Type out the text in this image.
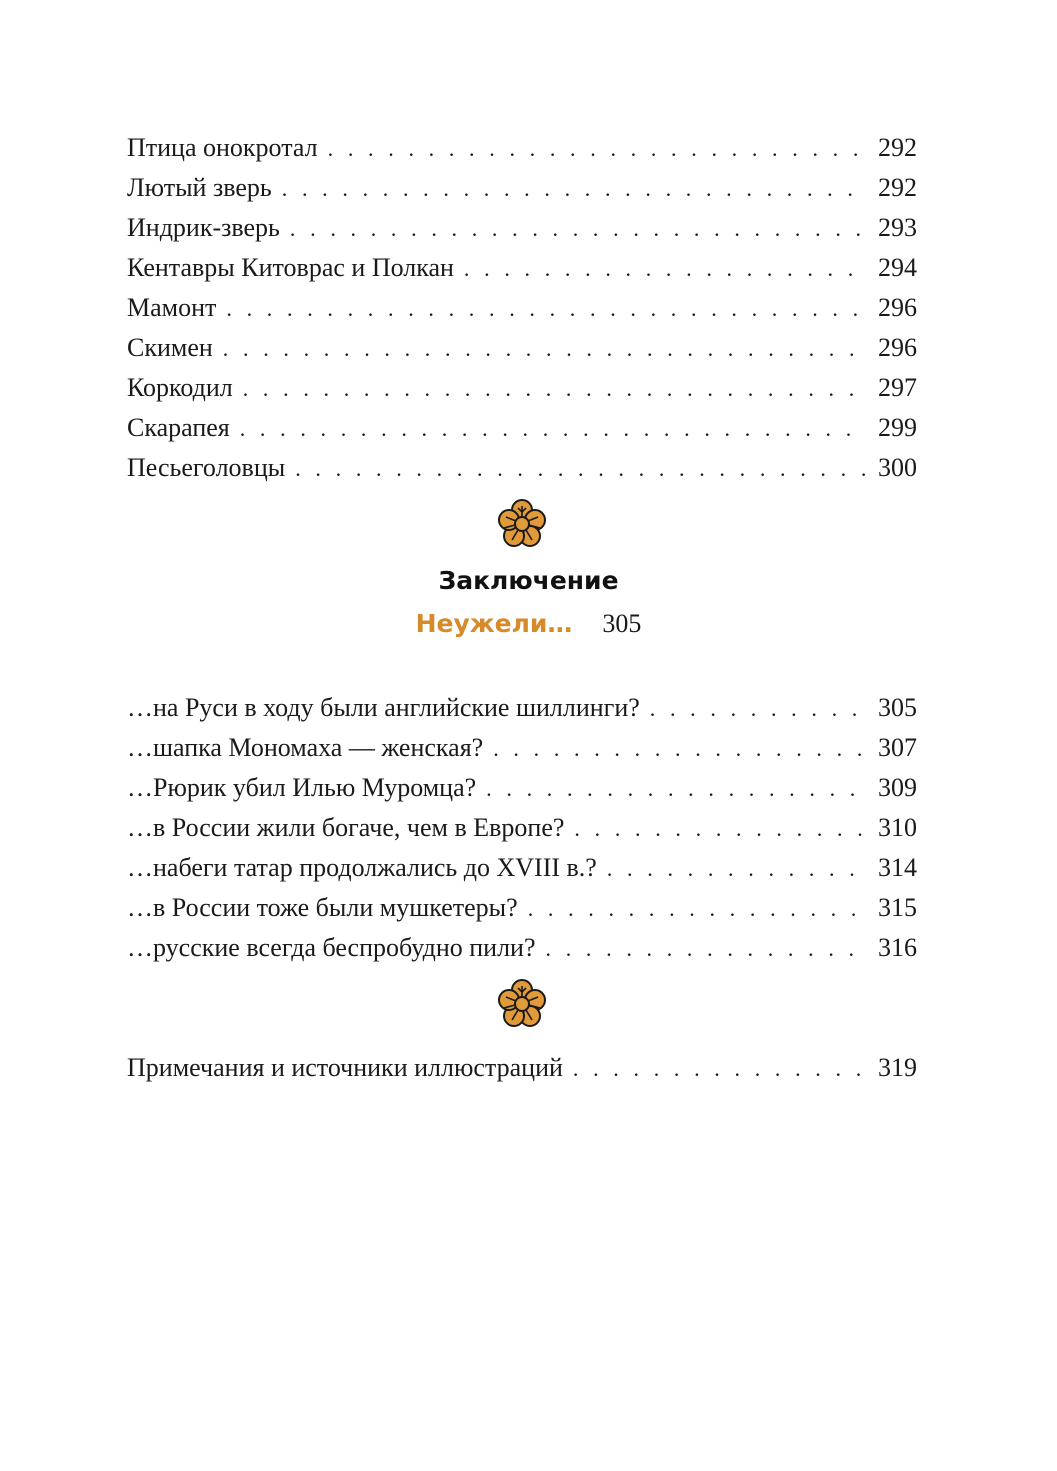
Птица онокротал . . .	292
Лютый зверь . . .	292
Индрик-зверь . . .	293
Кентавры Китоврас и Полкан . . .	294
Мамонт . . .	296
Скимен . . .	296
Коркодил . . .	297
Скарапея . . .	299
Песьеголовцы . . .	300
Заключение
Неужели… 305
…на Руси в ходу были английские шиллинги? . . .	305
…шапка Мономаха — женская? . . .	307
…Рюрик убил Илью Муромца? . . .	309
…в России жили богаче, чем в Европе? . . .	310
…набеги татар продолжались до XVIII в.? . . .	314
…в России тоже были мушкетеры? . . .	315
…русские всегда беспробудно пили? . . .	316
Примечания и источники иллюстраций . . .	319
